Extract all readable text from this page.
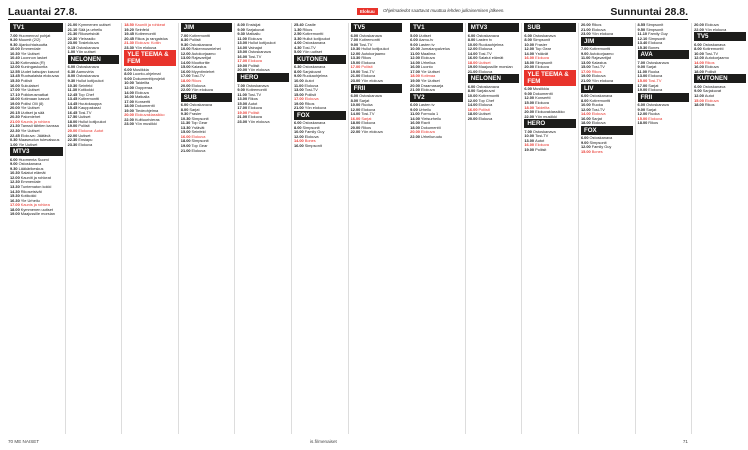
Lauantai 27.8.	Elokuu	Ohjelmatiedot saattavat muuttua lehden julkaisemisen jälkeen.	Sunnuntai 28.8.
TV1
7.00Huomenna! pohjat
9.20Muumit (2/2)
9.30Ajankohtaisuutta
10.00Emmerdale
10.30Yle Uutiset
10.40Luonnon lasket
11.30Kotimaisia (R)
12.00Kuningaskuntia
12.55Uudet katsojan kasvot
13.45Ruotsalaista elokuvaa
15.30Poliisit
16.00Sukulaiset
17.00Yle Uutiset
17.10Poikkeusmatkat
18.00Kotimaan kasvot
19.00Poliisi Olli (8)
20.00Yle Uutiset
20.15Uutiset ja sää
20.30Palomiehet
21.00Kaunis ja rohkea
21.30Tanssii tähtien kanssa
22.30Yle Uutiset
22.45Elokuva: Jäätävä
0.30Maaseudun tulevaisuus
1.00Yle Uutiset
MTV3
6.00Huomenta Suomi
9.00Ostoskanava
9.30Lääkärikeskus
10.30Salatut elämät
12.00Kauniit ja rohkeat
12.30Emmerdale
13.30Tuntematon kokki
14.30Rikosetsivät
15.30Kotikokki
16.30Yle Urheilu
17.00Kaunis ja rohkea
18.00Kymmenen uutiset
19.00Maajussille morsian
21.00Kymmenen uutiset
21.10Sää ja urheilu
21.30Rikosetsivät
22.30Yleisradio
23.00Tosielokuva
0.15Ostoskanava
1.00Yön uutiset
NELONEN
6.00Ostoskanava
6.30Aamuvirta
8.00Ostoskanava
9.30Hullut kotijoukot
10.30Seinfeld
11.30Kotikokki
12.45Top Chef
13.45Kotiremontti
14.45Huutokauppa
15.45Kauppakassi
16.45Tosi-TV
17.50Uutiset
18.00Hullut kotijoukot
19.00Poliisit
20.00Elokuva: Autot
22.00Uutiset
22.30Ensiapu
23.30Elokuva
18.50Kauniit ja rohkeat
19.20Seinfeld
19.45Kotiremontti
20.45Rikos ja rangaistus
21.30Elokuva: Kotiin
23.30Yön elokuva
YLE TEEMA & FEM
6.00Musiikkia
8.00Luonto-ohjelmat
9.00Dokumenttiprojekti
10.00Taideilta
12.00Oopperaa
14.00Elokuva
16.00Matkalla
17.00Konsertti
18.00Dokumentti
19.00Tiedeohjelma
20.00Elokuvaklassikko
22.00Kulttuurivieras
23.00Yön musiikki
JIM
7.00Kotiremontti
8.30Poliisit
9.30Ostoskanava
10.00Rakennusmiehet
12.00Autokorjaamo
13.00Rajavartijat
14.00Moottoritie
15.00Kalastus
16.00Myyntimiehet
17.00Tosi-TV
18.00Rikos
20.00Elokuva
22.00Yön elokuva
SUB
6.00Ostoskanava
8.00Sarjat
9.30Frasier
10.30Simpsonit
11.30Top Gear
13.30Ystävät
15.00Seinfeld
16.00Elokuva
18.00Simpsonit
19.00Top Gear
21.00Elokuva
8.00Ensisijat
9.00Sarjakuvat
9.30Matkailu
11.00Elokuva
13.00Hullut kotijoukot
14.00Vainajat
15.00Ostoskanava
16.00Tosi-TV
17.00Elokuva
19.00Poliisit
20.00Yön elokuva
HERO
7.00Ostoskanava
9.00Kotiremontti
11.00Tosi-TV
13.00Rikos
15.00Autot
17.00Elokuva
19.00Poliisit
21.00Elokuva
23.00Yön elokuva
25.40Castle
1.30Rikos
2.50Kotiremontti
3.30Hullut kotijoukot
4.00Ostoskanava
4.30Tosi-TV
5.00Yön uutiset
KUTONEN
6.30Ostoskanava
8.00Sarjakuvat
9.00Ruokaohjelma
10.00Autot
11.00Elokuva
13.00Tosi-TV
15.00Poliisit
17.00Elokuva
19.00Rikos
21.00Yön elokuva
FOX
6.00Ostoskanava
8.00Simpsonit
10.00Family Guy
12.00Elokuva
14.00Bones
16.00Simpsonit
TV5
6.00Ostoskanava
7.00Kotiremontti
9.00Tosi-TV
10.30Hullut kotijoukot
12.00Autokorjaamo
13.30Rikos
15.00Elokuva
17.00Poliisit
19.00Tosi-TV
21.00Elokuva
23.00Yön elokuva
FRII
6.00Ostoskanava
8.00Sarjat
10.00Ruoka
12.00Elokuva
14.00Tosi-TV
16.00Sarjat
18.00Elokuva
20.00Rikos
22.00Yön elokuva
TV1
5.00Uutiset
6.00Aamu-tv
9.00Lasten tv
10.00Jumalanpalvelus
11.00Maailma
12.00Elokuva
14.00Urheilua
16.00Luonto
17.00Yle Uutiset
18.00Kotimaa
19.00Yle Uutiset
20.00Draamasarja
21.00Elokuva
TV2
6.00Lasten tv
9.00Urheilu
11.00Formula 1
14.00Yleisurheilu
16.00Ravit
18.00Dokumentti
20.00Elokuva
22.00Urheiluruutu
MTV3
6.00Ostoskanava
8.00Lasten tv
10.00Ruokaohjelma
12.00Elokuva
14.00Tosi-TV
16.00Salatut elämät
18.00Uutiset
19.00Maajussille morsian
21.00Elokuva
NELONEN
6.00Ostoskanava
8.00Sarjakuvat
10.00Kotiremontti
12.00Top Chef
14.00Elokuva
16.00Poliisit
18.00Uutiset
20.00Elokuva
SUB
6.00Ostoskanava
8.00Simpsonit
10.00Frasier
12.00Top Gear
14.00Ystävät
16.00Elokuva
18.00Simpsonit
20.00Elokuva
YLE TEEMA & FEM
6.00Musiikkia
9.00Dokumentti
12.00Konsertti
15.00Elokuva
18.00Taideilta
20.00Elokuvaklassikko
22.00Yön musiikki
HERO
7.00Ostoskanava
10.00Tosi-TV
13.00Autot
16.00Elokuva
19.00Poliisit
20.00Rikos
21.00Elokuva
23.00Yön elokuva
JIM
7.00Kotiremontti
9.00Autokorjaamo
11.00Rajavartijat
13.00Kalastus
15.00Tosi-TV
17.00Rikos
19.00Elokuva
21.00Yön elokuva
LIV
6.00Ostoskanava
8.00Kotiremontti
10.00Ruoka
12.00Tosi-TV
14.00Elokuva
16.00Sarjat
18.00Elokuva
FOX
6.00Ostoskanava
9.00Simpsonit
12.00Family Guy
15.00Bones
8.55Simpsonit
9.50Simpsonit
11.10Family Guy
12.10Simpsonit
13.40Elokuva
15.30Bones
AVA
7.00Ostoskanava
9.00Sarjat
11.00Ruoka
13.00Elokuva
15.00Tosi-TV
17.00Sarjat
19.00Elokuva
FRII
6.00Ostoskanava
9.00Sarjat
12.00Ruoka
15.00Elokuva
18.00Rikos
20.00Elokuva
22.00Yön elokuva
TV5
6.00Ostoskanava
8.00Kotiremontti
10.00Tosi-TV
12.00Autokorjaamo
14.00Rikos
16.00Elokuva
18.00Poliisit
KUTONEN
6.00Ostoskanava
9.00Sarjakuvat
12.00Autot
15.00Elokuva
18.00Rikos
70 ME NAISET	is.fi/menaiset	71
